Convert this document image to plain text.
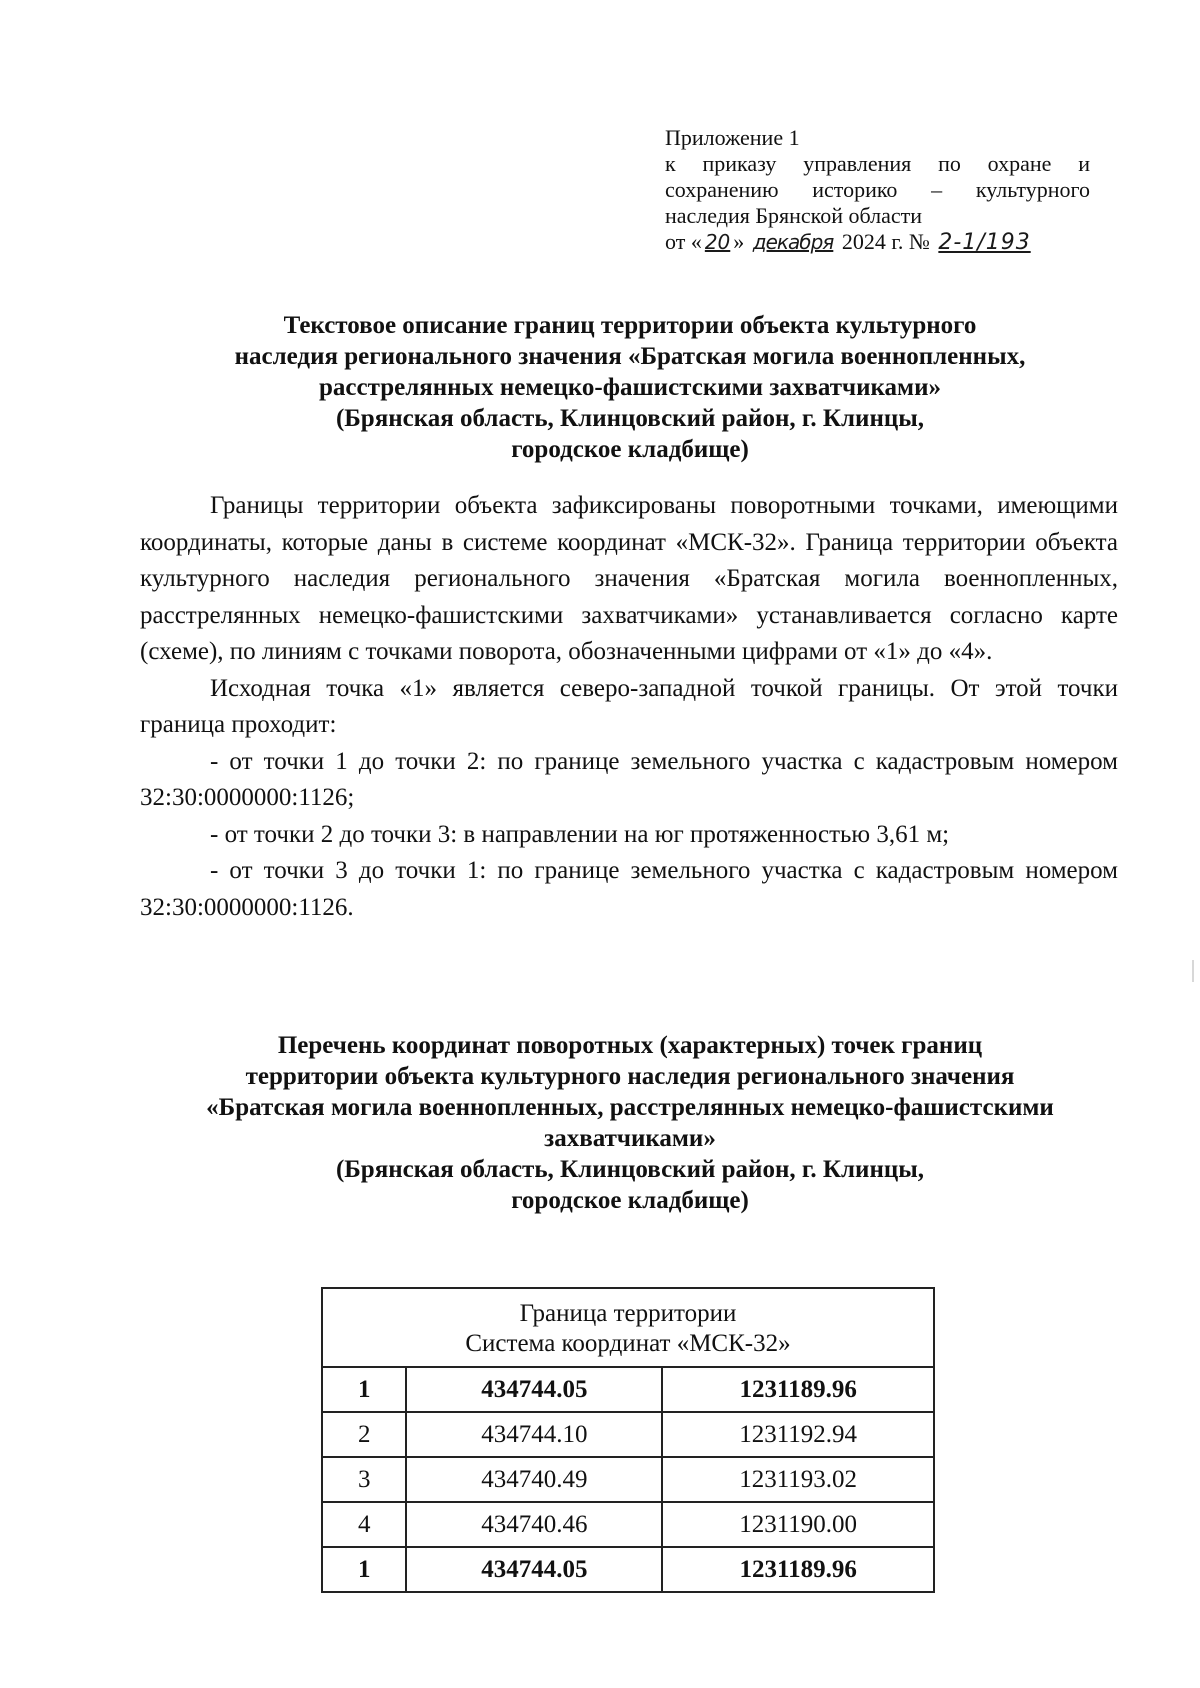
Приложение 1
к приказу управления по охране и
сохранению историко – культурного
наследия Брянской области
от « 20 » декабря 2024 г. № 2-1/193
Текстовое описание границ территории объекта культурного
наследия регионального значения «Братская могила военнопленных,
расстрелянных немецко-фашистскими захватчиками»
(Брянская область, Клинцовский район, г. Клинцы,
городское кладбище)

Границы территории объекта зафиксированы поворотными точками, имеющими координаты, которые даны в системе координат «МСК-32». Граница территории объекта культурного наследия регионального значения «Братская могила военнопленных, расстрелянных немецко-фашистскими захватчиками» устанавливается согласно карте (схеме), по линиям с точками поворота, обозначенными цифрами от «1» до «4».

Исходная точка «1» является северо-западной точкой границы. От этой точки граница проходит:

- от точки 1 до точки 2: по границе земельного участка с кадастровым номером 32:30:0000000:1126;

- от точки 2 до точки 3: в направлении на юг протяженностью 3,61 м;

- от точки 3 до точки 1: по границе земельного участка с кадастровым номером 32:30:0000000:1126.

Перечень координат поворотных (характерных) точек границ
территории объекта культурного наследия регионального значения
«Братская могила военнопленных, расстрелянных немецко-фашистскими
захватчиками»
(Брянская область, Клинцовский район, г. Клинцы,
городское кладбище)
Граница территории
Система координат «МСК-32»		

1	434744.05	1231189.96
2	434744.10	1231192.94
3	434740.49	1231193.02
4	434740.46	1231190.00
1	434744.05	1231189.96
